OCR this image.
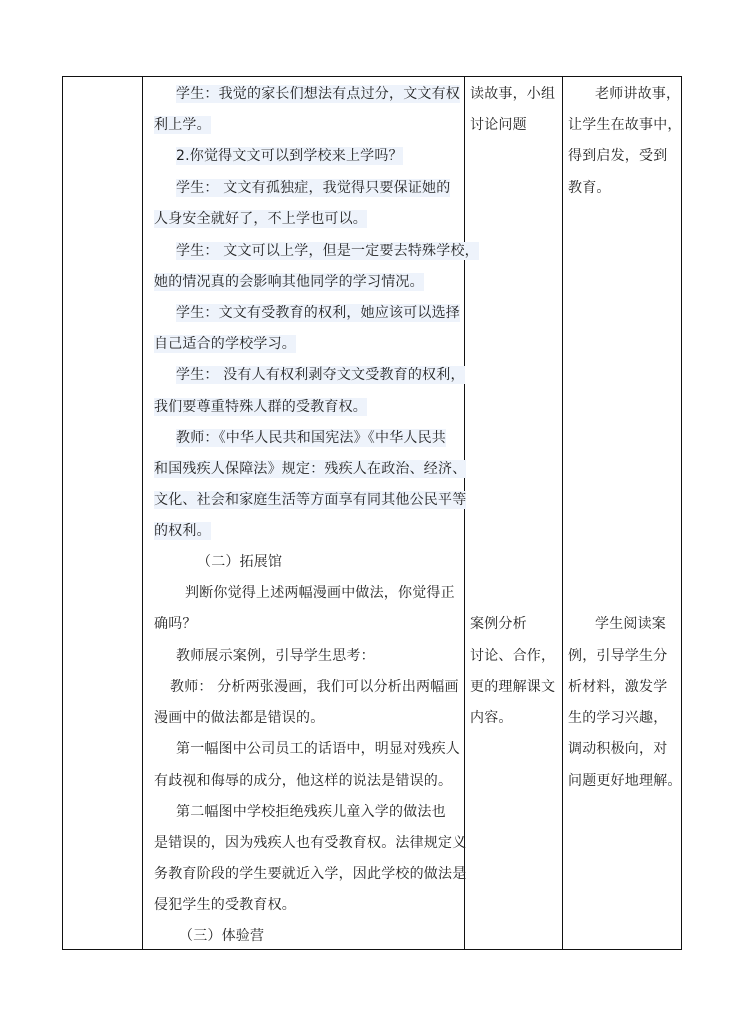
学生：我觉的家长们想法有点过分，文文有权
利上学。
2.你觉得文文可以到学校来上学吗？
学生： 文文有孤独症，我觉得只要保证她的
人身安全就好了，不上学也可以。
学生： 文文可以上学，但是一定要去特殊学校，
她的情况真的会影响其他同学的学习情况。
学生：文文有受教育的权利，她应该可以选择
自己适合的学校学习。
学生： 没有人有权利剥夺文文受教育的权利，
我们要尊重特殊人群的受教育权。
教师：《中华人民共和国宪法》《中华人民共
和国残疾人保障法》规定：残疾人在政治、经济、
文化、社会和家庭生活等方面享有同其他公民平等
的权利。
（二）拓展馆
判断你觉得上述两幅漫画中做法，你觉得正
确吗？
教师展示案例，引导学生思考：
教师： 分析两张漫画，我们可以分析出两幅画
漫画中的做法都是错误的。
第一幅图中公司员工的话语中，明显对残疾人
有歧视和侮辱的成分，他这样的说法是错误的。
第二幅图中学校拒绝残疾儿童入学的做法也
是错误的，因为残疾人也有受教育权。法律规定义
务教育阶段的学生要就近入学，因此学校的做法是
侵犯学生的受教育权。
（三）体验营
读故事，小组
讨论问题
案例分析
讨论、合作，
更的理解课文
内容。
老师讲故事，
让学生在故事中，
得到启发，受到
教育。
学生阅读案
例，引导学生分
析材料，激发学
生的学习兴趣，
调动积极向，对
问题更好地理解。
